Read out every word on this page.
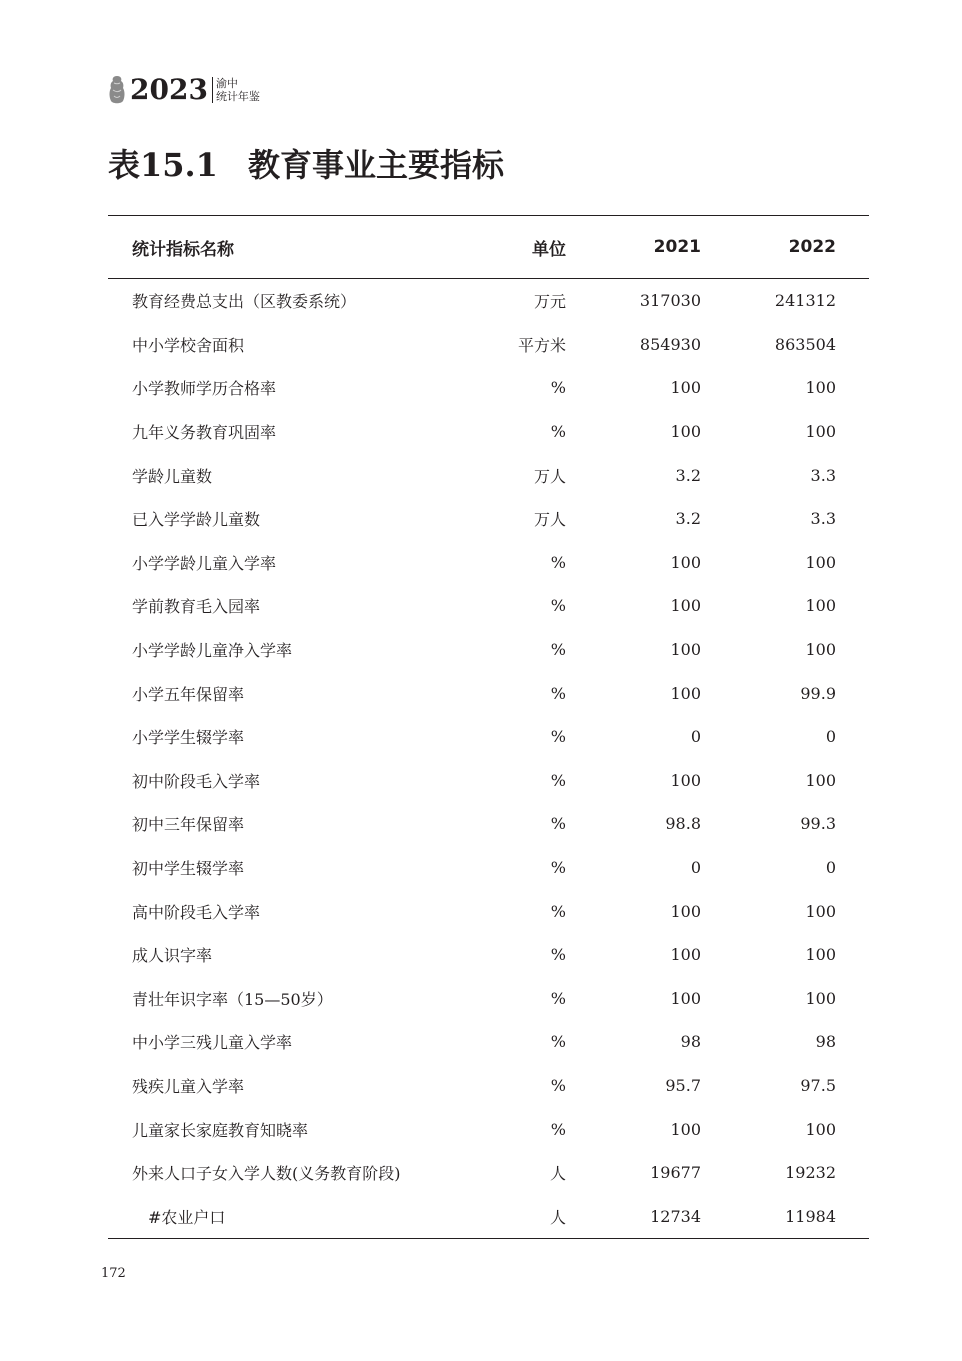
2023 渝中
统计年鉴
表15.1 教育事业主要指标
统计指标名称	单位	2021	2022
教育经费总支出（区教委系统）	万元	317030	241312
中小学校舍面积	平方米	854930	863504
小学教师学历合格率	%	100	100
九年义务教育巩固率	%	100	100
学龄儿童数	万人	3.2	3.3
已入学学龄儿童数	万人	3.2	3.3
小学学龄儿童入学率	%	100	100
学前教育毛入园率	%	100	100
小学学龄儿童净入学率	%	100	100
小学五年保留率	%	100	99.9
小学学生辍学率	%	0	0
初中阶段毛入学率	%	100	100
初中三年保留率	%	98.8	99.3
初中学生辍学率	%	0	0
高中阶段毛入学率	%	100	100
成人识字率	%	100	100
青壮年识字率（15—50岁）	%	100	100
中小学三残儿童入学率	%	98	98
残疾儿童入学率	%	95.7	97.5
儿童家长家庭教育知晓率	%	100	100
外来人口子女入学人数(义务教育阶段)	人	19677	19232
#农业户口	人	12734	11984
172
